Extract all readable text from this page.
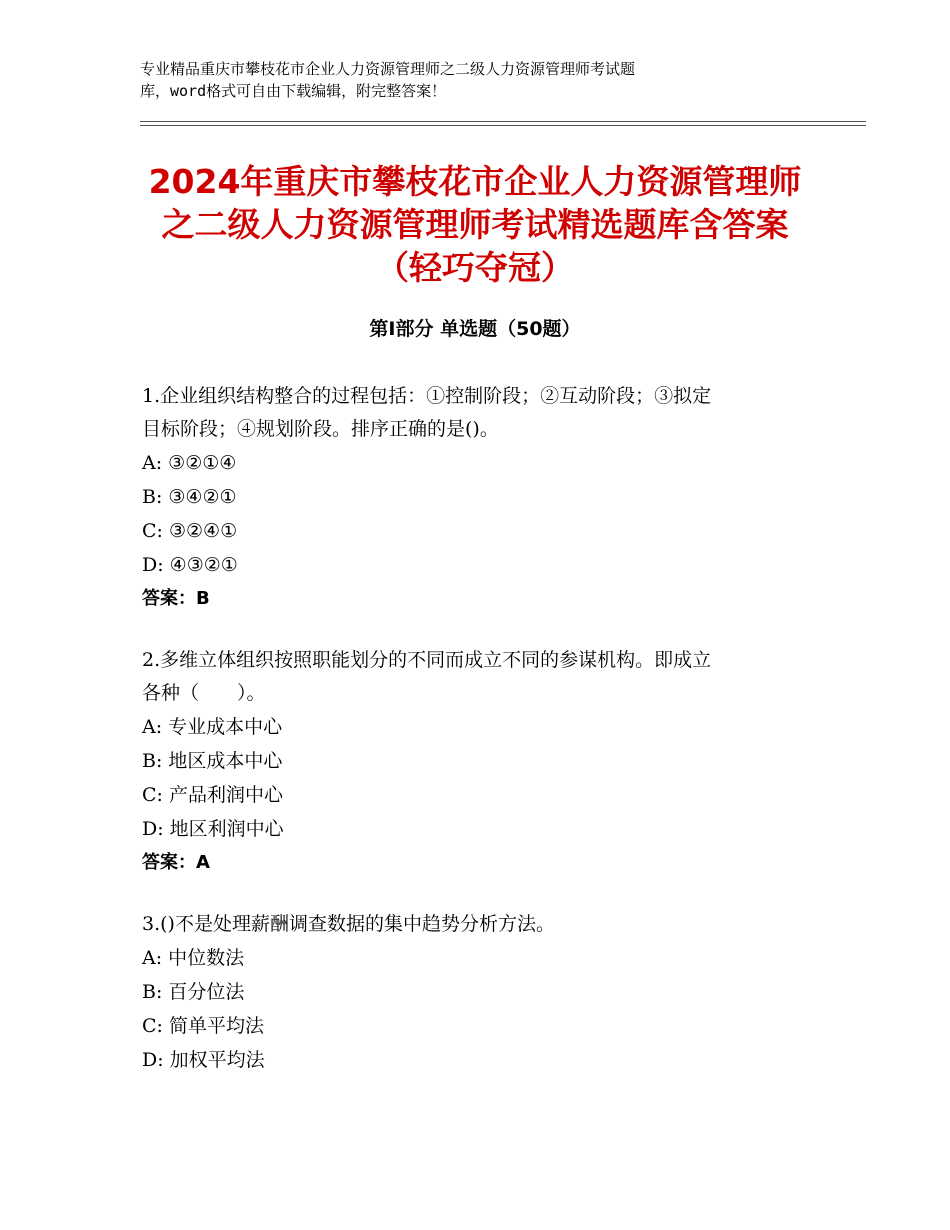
专业精品重庆市攀枝花市企业人力资源管理师之二级人力资源管理师考试题
库，word格式可自由下载编辑，附完整答案！
2024年重庆市攀枝花市企业人力资源管理师
之二级人力资源管理师考试精选题库含答案
（轻巧夺冠）
第Ⅰ部分 单选题（50题）
1.企业组织结构整合的过程包括：①控制阶段；②互动阶段；③拟定
目标阶段；④规划阶段。排序正确的是()。
A: ③②①④
B: ③④②①
C: ③②④①
D: ④③②①
答案：B
2.多维立体组织按照职能划分的不同而成立不同的参谋机构。即成立
各种（　　）。
A: 专业成本中心
B: 地区成本中心
C: 产品利润中心
D: 地区利润中心
答案：A
3.()不是处理薪酬调查数据的集中趋势分析方法。
A: 中位数法
B: 百分位法
C: 简单平均法
D: 加权平均法
